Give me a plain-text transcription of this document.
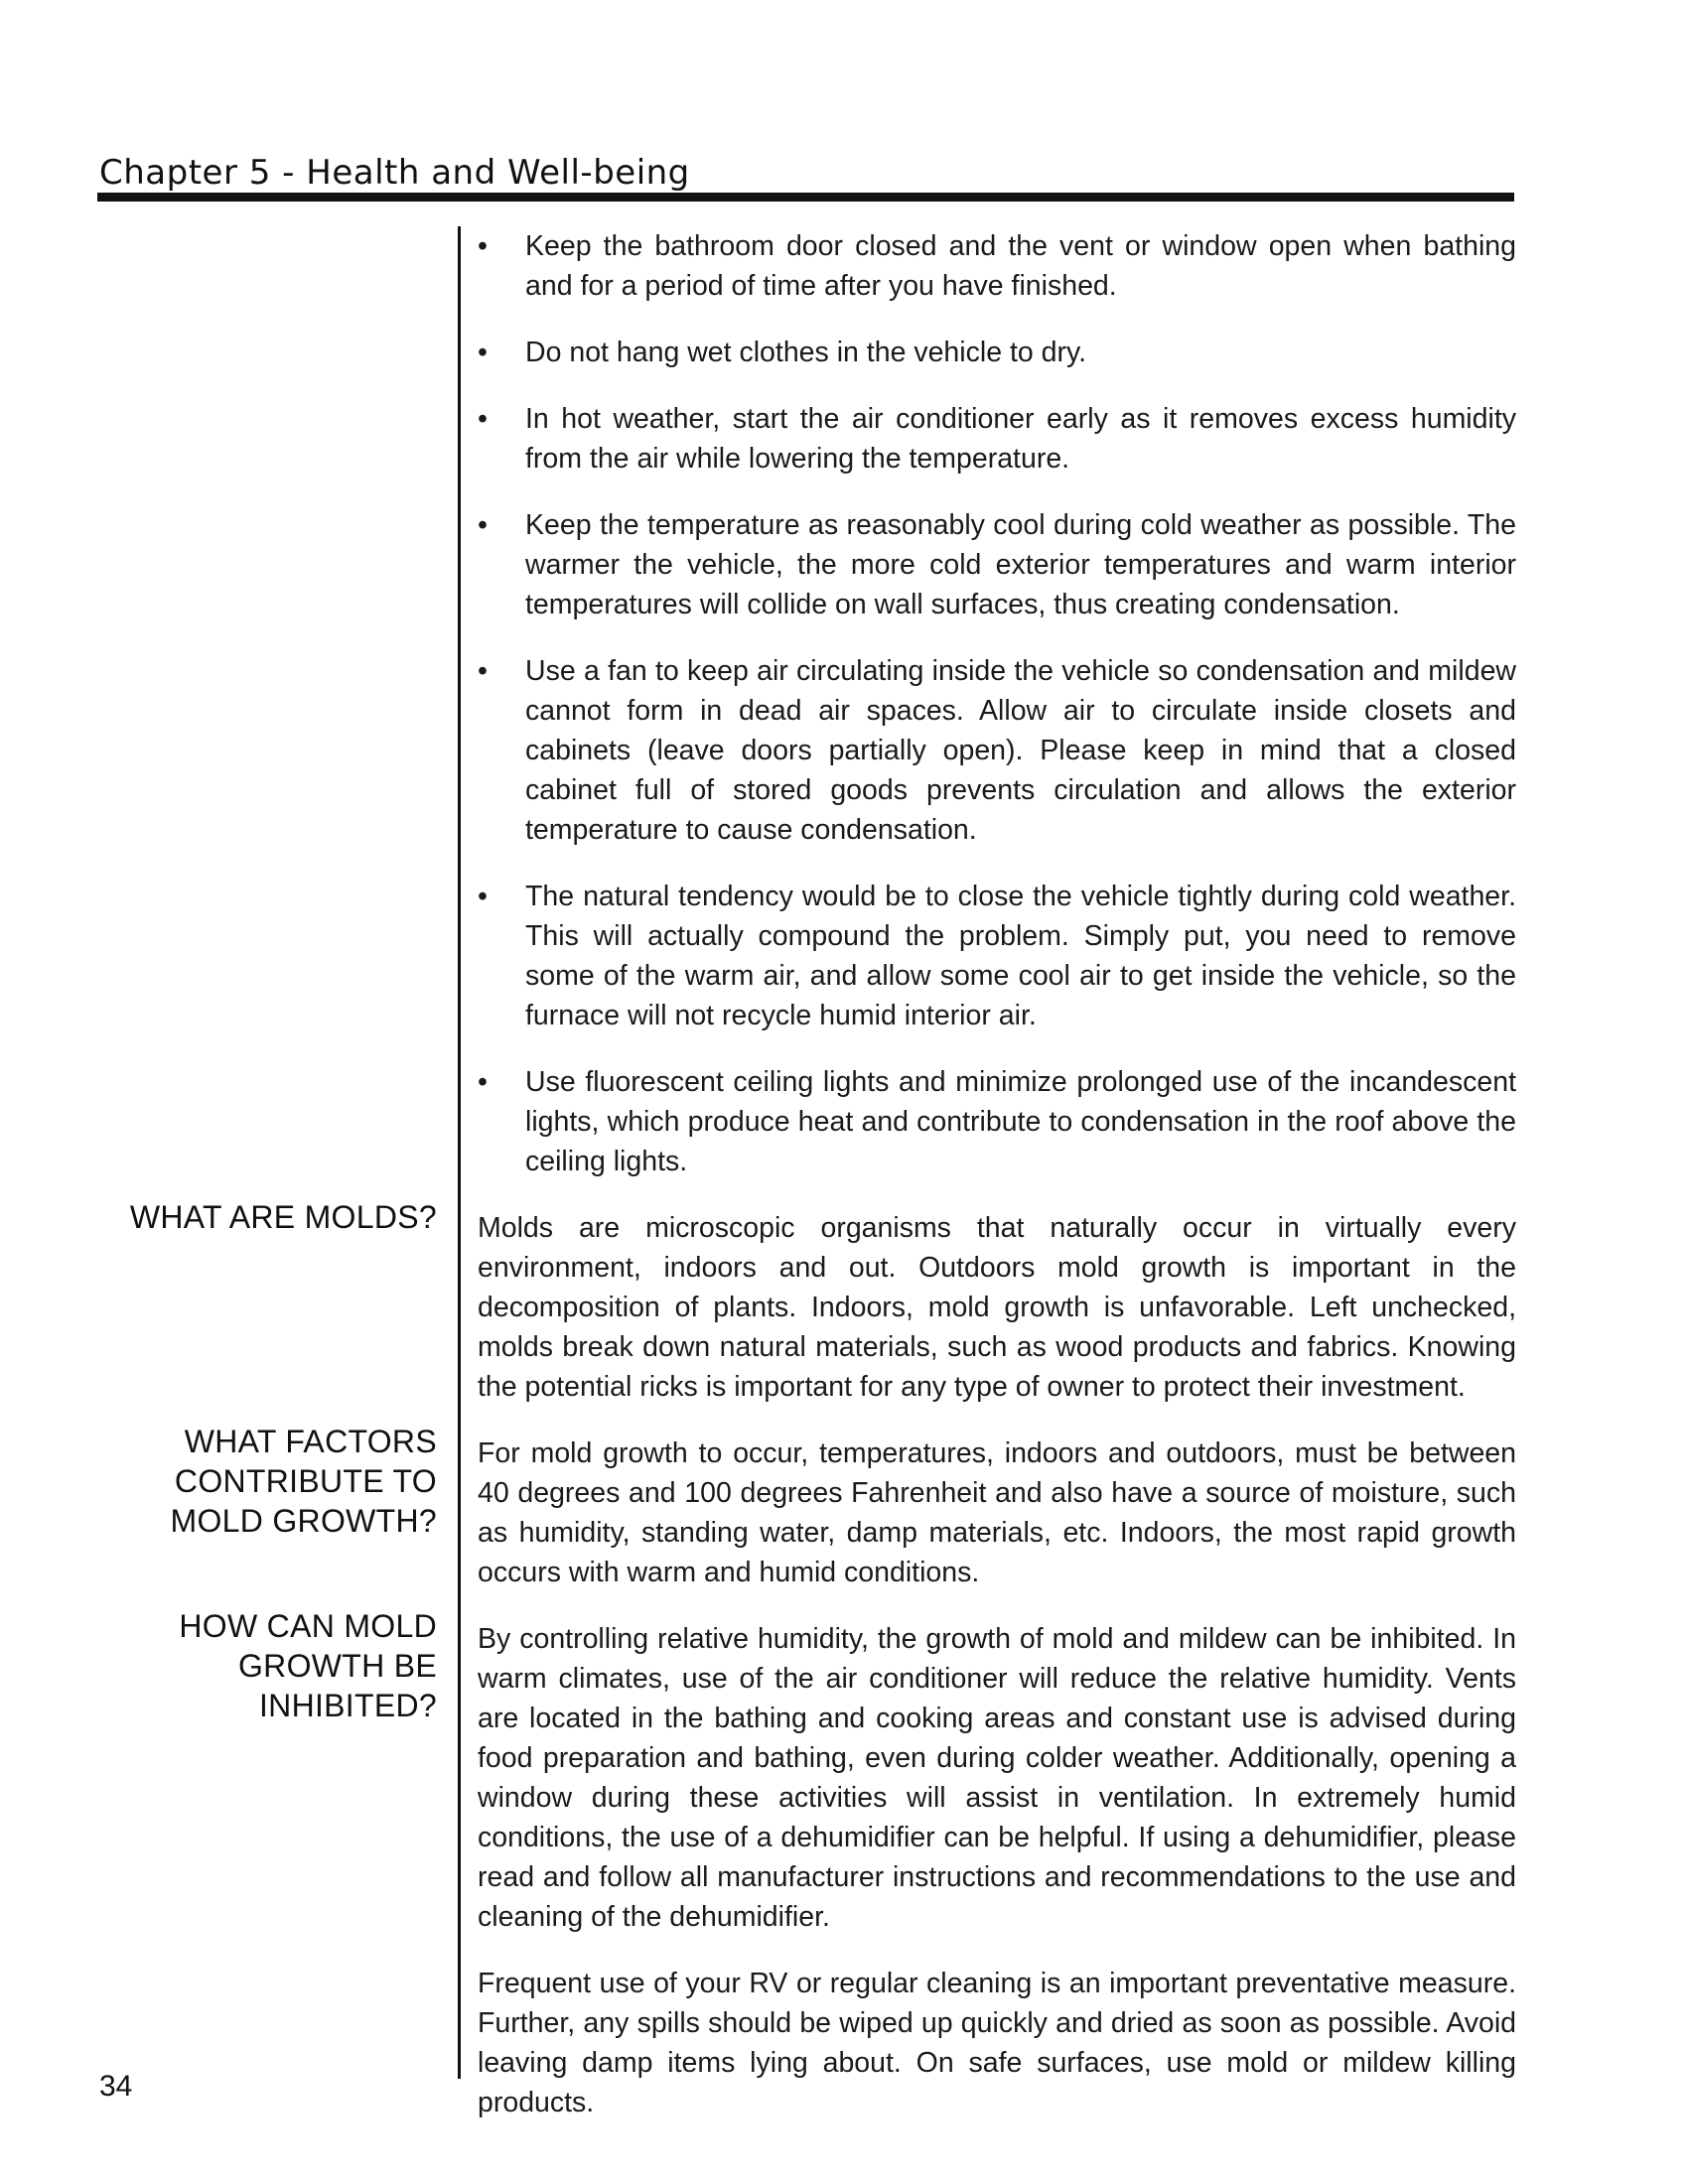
Chapter 5 - Health and Well-being
WHAT ARE MOLDS?
WHAT FACTORS
CONTRIBUTE TO
MOLD GROWTH?
HOW CAN MOLD
GROWTH BE
INHIBITED?
• Keep the bathroom door closed and the vent or window open when bathing and for a period of time after you have finished.
• Do not hang wet clothes in the vehicle to dry.
• In hot weather, start the air conditioner early as it removes excess humidity from the air while lowering the temperature.
• Keep the temperature as reasonably cool during cold weather as possible. The warmer the vehicle, the more cold exterior temperatures and warm interior temperatures will collide on wall surfaces, thus creating condensation.
• Use a fan to keep air circulating inside the vehicle so condensation and mildew cannot form in dead air spaces. Allow air to circulate inside closets and cabinets (leave doors partially open). Please keep in mind that a closed cabinet full of stored goods prevents circulation and allows the exterior temperature to cause condensation.
• The natural tendency would be to close the vehicle tightly during cold weather. This will actually compound the problem. Simply put, you need to remove some of the warm air, and allow some cool air to get inside the vehicle, so the furnace will not recycle humid interior air.
• Use fluorescent ceiling lights and minimize prolonged use of the incandescent lights, which produce heat and contribute to condensation in the roof above the ceiling lights.

Molds are microscopic organisms that naturally occur in virtually every environment, indoors and out. Outdoors mold growth is important in the decomposition of plants. Indoors, mold growth is unfavorable. Left unchecked, molds break down natural materials, such as wood products and fabrics. Knowing the potential ricks is important for any type of owner to protect their investment.

For mold growth to occur, temperatures, indoors and outdoors, must be between 40 degrees and 100 degrees Fahrenheit and also have a source of moisture, such as humidity, standing water, damp materials, etc. Indoors, the most rapid growth occurs with warm and humid conditions.

By controlling relative humidity, the growth of mold and mildew can be inhibited. In warm climates, use of the air conditioner will reduce the relative humidity. Vents are located in the bathing and cooking areas and constant use is advised during food preparation and bathing, even during colder weather. Additionally, opening a window during these activities will assist in ventilation. In extremely humid conditions, the use of a dehumidifier can be helpful. If using a dehumidifier, please read and follow all manufacturer instructions and recommendations to the use and cleaning of the dehumidifier.

Frequent use of your RV or regular cleaning is an important preventative measure. Further, any spills should be wiped up quickly and dried as soon as possible. Avoid leaving damp items lying about. On safe surfaces, use mold or mildew killing products.

34
